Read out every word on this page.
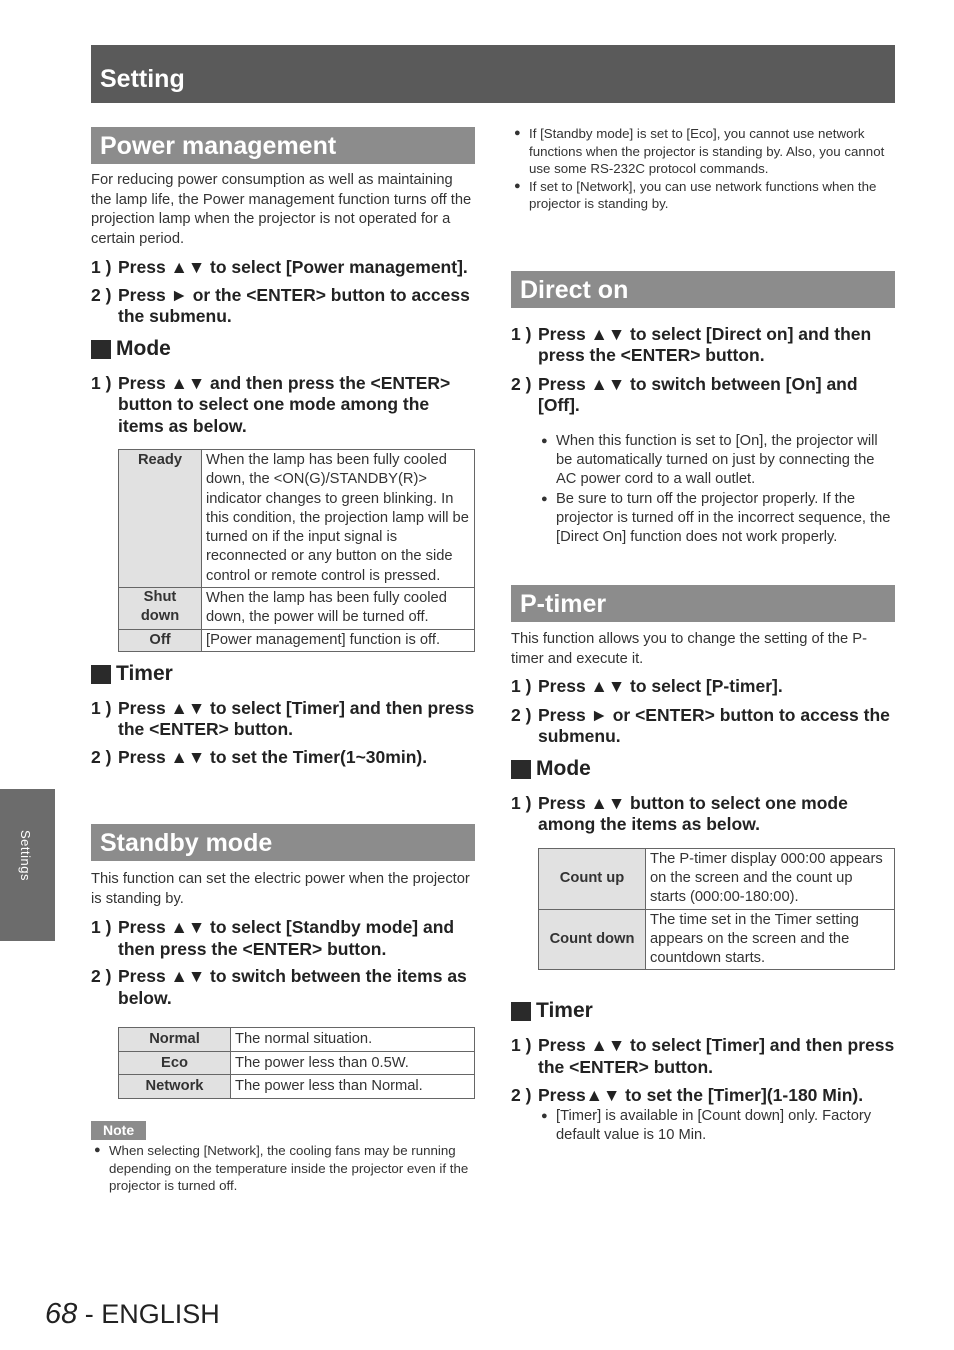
Setting
Settings
Power management

For reducing power consumption as well as maintaining the lamp life, the Power management function turns off the projection lamp when the projector is not operated for a certain period.

1 ) Press ▲▼ to select [Power management].
2 ) Press ► or the <ENTER> button to access the submenu.
Mode
1 ) Press ▲▼ and then press the <ENTER> button to select one mode among the items as below.
Ready	When the lamp has been fully cooled down, the <ON(G)/STANDBY(R)> indicator changes to green blinking. In this condition, the projection lamp will be turned on if the input signal is reconnected or any button on the side control or remote control is pressed.
Shut down	When the lamp has been fully cooled down, the power will be turned off.
Off	[Power management] function is off.
Timer
1 ) Press ▲▼ to select [Timer] and then press the <ENTER> button.
2 ) Press ▲▼ to set the Timer(1~30min).
Standby mode

This function can set the electric power when the projector is standing by.

1 ) Press ▲▼ to select [Standby mode] and then press the <ENTER> button.
2 ) Press ▲▼ to switch between the items as below.
Normal	The normal situation.
Eco	The power less than 0.5W.
Network	The power less than Normal.
Note
● When selecting [Network], the cooling fans may be running depending on the temperature inside the projector even if the projector is turned off.
● If [Standby mode] is set to [Eco], you cannot use network functions when the projector is standing by. Also, you cannot use some RS-232C protocol commands.
● If set to [Network], you can use network functions when the projector is standing by.
Direct on
1 ) Press ▲▼ to select [Direct on] and then press the <ENTER> button.
2 ) Press ▲▼ to switch between [On] and [Off].
● When this function is set to [On], the projector will be automatically turned on just by connecting the AC power cord to a wall outlet.
● Be sure to turn off the projector properly. If the projector is turned off in the incorrect sequence, the [Direct On] function does not work properly.
P-timer

This function allows you to change the setting of the P-timer and execute it.

1 ) Press ▲▼ to select [P-timer].
2 ) Press ► or <ENTER> button to access the submenu.
Mode
1 ) Press ▲▼ button to select one mode among the items as below.
Count up	The P-timer display 000:00 appears on the screen and the count up starts (000:00-180:00).
Count down	The time set in the Timer setting appears on the screen and the countdown starts.
Timer
1 ) Press ▲▼ to select [Timer] and then press the <ENTER> button.
2 ) Press▲▼ to set the [Timer](1-180 Min).
● [Timer] is available in [Count down] only. Factory default value is 10 Min.
68 - ENGLISH
